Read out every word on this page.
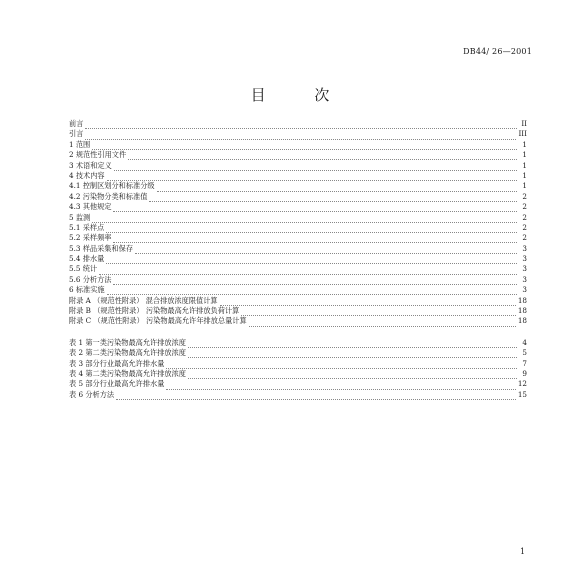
DB44/ 26—2001
目 次
前言	II
引言	III
1 范围	1
2 规范性引用文件	1
3 术语和定义	1
4 技术内容	1
4.1 控制区划分和标准分级	1
4.2 污染物分类和标准值	2
4.3 其他规定	2
5 监测	2
5.1 采样点	2
5.2 采样频率	2
5.3 样品采集和保存	3
5.4 排水量	3
5.5 统计	3
5.6 分析方法	3
6 标准实施	3
附录 A （规范性附录） 混合排放浓度限值计算	18
附录 B （规范性附录） 污染物最高允许排放负荷计算	18
附录 C （规范性附录） 污染物最高允许年排放总量计算	18
表 1 第一类污染物最高允许排放浓度	4
表 2 第二类污染物最高允许排放浓度	5
表 3 部分行业最高允许排水量	7
表 4 第二类污染物最高允许排放浓度	9
表 5 部分行业最高允许排水量	12
表 6 分析方法	15
1
